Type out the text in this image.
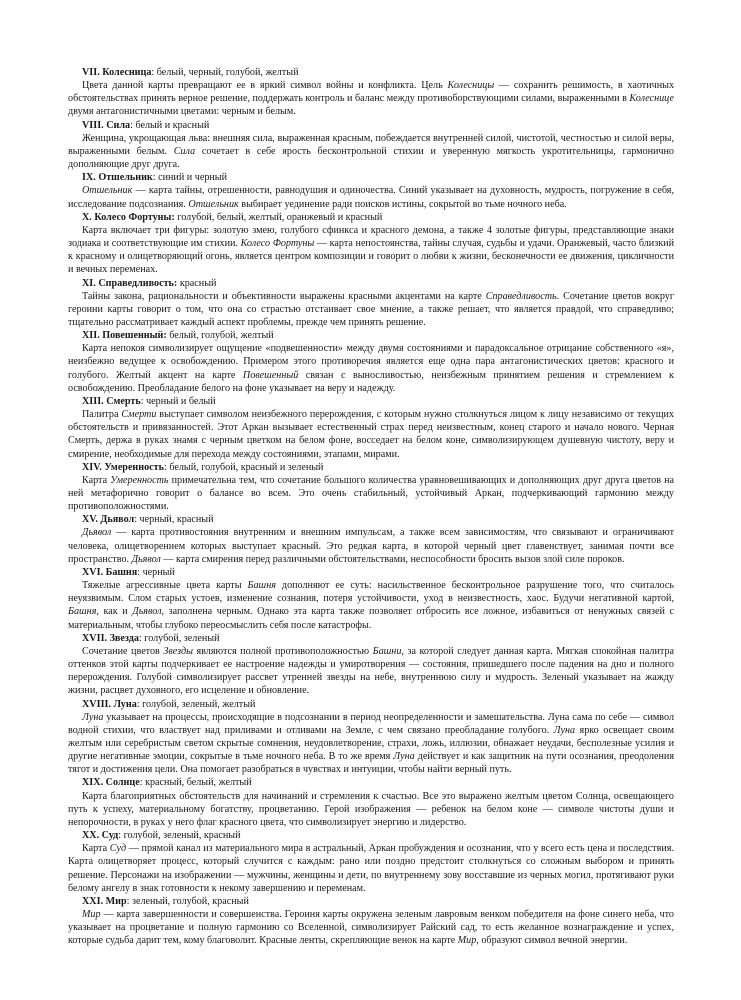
VII. Колесница: белый, черный, голубой, желтый

Цвета данной карты превращают ее в яркий символ войны и конфликта. Цель Колесницы — сохранить решимость, в хаотичных обстоятельствах принять верное решение, поддержать контроль и баланс между противоборствующими силами, выраженными в Колеснице двумя антагонистичными цветами: черным и белым.

VIII. Сила: белый и красный

Женщина, укрощающая льва: внешняя сила, выраженная красным, побеждается внутренней силой, чистотой, честностью и силой веры, выраженными белым. Сила сочетает в себе ярость бесконтрольной стихии и уверенную мягкость укротительницы, гармонично дополняющие друг друга.

IX. Отшельник: синий и черный

Отшельник — карта тайны, отрешенности, равнодушия и одиночества. Синий указывает на духовность, мудрость, погружение в себя, исследование подсознания. Отшельник выбирает уединение ради поисков истины, сокрытой во тьме ночного неба.

X. Колесо Фортуны: голубой, белый, желтый, оранжевый и красный

Карта включает три фигуры: золотую змею, голубого сфинкса и красного демона, а также 4 золотые фигуры, представляющие знаки зодиака и соответствующие им стихии. Колесо Фортуны — карта непостоянства, тайны случая, судьбы и удачи. Оранжевый, часто близкий к красному и олицетворяющий огонь, является центром композиции и говорит о любви к жизни, бесконечности ее движения, цикличности и вечных переменах.

XI. Справедливость: красный

Тайны закона, рациональности и объективности выражены красными акцентами на карте Справедливость. Сочетание цветов вокруг героини карты говорит о том, что она со страстью отстаивает свое мнение, а также решает, что является правдой, что справедливо; тщательно рассматривает каждый аспект проблемы, прежде чем принять решение.

XII. Повешенный: белый, голубой, желтый

Карта непокоя символизирует ощущение «подвешенности» между двумя состояниями и парадоксальное отрицание собственного «я», неизбежно ведущее к освобождению. Примером этого противоречия является еще одна пара антагонистических цветов: красного и голубого. Желтый акцент на карте Повешенный связан с выносливостью, неизбежным принятием решения и стремлением к освобождению. Преобладание белого на фоне указывает на веру и надежду.

XIII. Смерть: черный и белый

Палитра Смерти выступает символом неизбежного перерождения, с которым нужно столкнуться лицом к лицу независимо от текущих обстоятельств и привязанностей. Этот Аркан вызывает естественный страх перед неизвестным, конец старого и начало нового. Черная Смерть, держа в руках знамя с черным цветком на белом фоне, восседает на белом коне, символизирующем душевную чистоту, веру и смирение, необходимые для перехода между состояниями, этапами, мирами.

XIV. Умеренность: белый, голубой, красный и зеленый

Карта Умеренность примечательна тем, что сочетание большого количества уравновешивающих и дополняющих друг друга цветов на ней метафорично говорит о балансе во всем. Это очень стабильный, устойчивый Аркан, подчеркивающий гармонию между противоположностями.

XV. Дьявол: черный, красный

Дьявол — карта противостояния внутренним и внешним импульсам, а также всем зависимостям, что связывают и ограничивают человека, олицетворением которых выступает красный. Это редкая карта, в которой черный цвет главенствует, занимая почти все пространство. Дьявол — карта смирения перед различными обстоятельствами, неспособности бросить вызов злой силе пороков.

XVI. Башня: черный

Тяжелые агрессивные цвета карты Башня дополняют ее суть: насильственное бесконтрольное разрушение того, что считалось неуязвимым. Слом старых устоев, изменение сознания, потеря устойчивости, уход в неизвестность, хаос. Будучи негативной картой, Башня, как и Дьявол, заполнена черным. Однако эта карта также позволяет отбросить все ложное, избавиться от ненужных связей с материальным, чтобы глубоко переосмыслить себя после катастрофы.

XVII. Звезда: голубой, зеленый

Сочетание цветов Звезды являются полной противоположностью Башни, за которой следует данная карта. Мягкая спокойная палитра оттенков этой карты подчеркивает ее настроение надежды и умиротворения — состояния, пришедшего после падения на дно и полного перерождения. Голубой символизирует рассвет утренней звезды на небе, внутреннюю силу и мудрость. Зеленый указывает на жажду жизни, расцвет духовного, его исцеление и обновление.

XVIII. Луна: голубой, зеленый, желтый

Луна указывает на процессы, происходящие в подсознании в период неопределенности и замешательства. Луна сама по себе — символ водной стихии, что властвует над приливами и отливами на Земле, с чем связано преобладание голубого. Луна ярко освещает своим желтым или серебристым светом скрытые сомнения, неудовлетворение, страхи, ложь, иллюзии, обнажает неудачи, бесполезные усилия и другие негативные эмоции, сокрытые в тьме ночного неба. В то же время Луна действует и как защитник на пути осознания, преодоления тягот и достижения цели. Она помогает разобраться в чувствах и интуиции, чтобы найти верный путь.

XIX. Солнце: красный, белый, желтый

Карта благоприятных обстоятельств для начинаний и стремления к счастью. Все это выражено желтым цветом Солнца, освещающего путь к успеху, материальному богатству, процветанию. Герой изображения — ребенок на белом коне — символе чистоты души и непорочности, в руках у него флаг красного цвета, что символизирует энергию и лидерство.

XX. Суд: голубой, зеленый, красный

Карта Суд — прямой канал из материального мира в астральный, Аркан пробуждения и осознания, что у всего есть цена и последствия. Карта олицетворяет процесс, который случится с каждым: рано или поздно предстоит столкнуться со сложным выбором и принять решение. Персонажи на изображении — мужчины, женщины и дети, по внутреннему зову восставшие из черных могил, протягивают руки белому ангелу в знак готовности к некому завершению и переменам.

XXI. Мир: зеленый, голубой, красный

Мир — карта завершенности и совершенства. Героиня карты окружена зеленым лавровым венком победителя на фоне синего неба, что указывает на процветание и полную гармонию со Вселенной, символизирует Райский сад, то есть желанное вознаграждение и успех, которые судьба дарит тем, кому благоволит. Красные ленты, скрепляющие венок на карте Мир, образуют символ вечной энергии.
